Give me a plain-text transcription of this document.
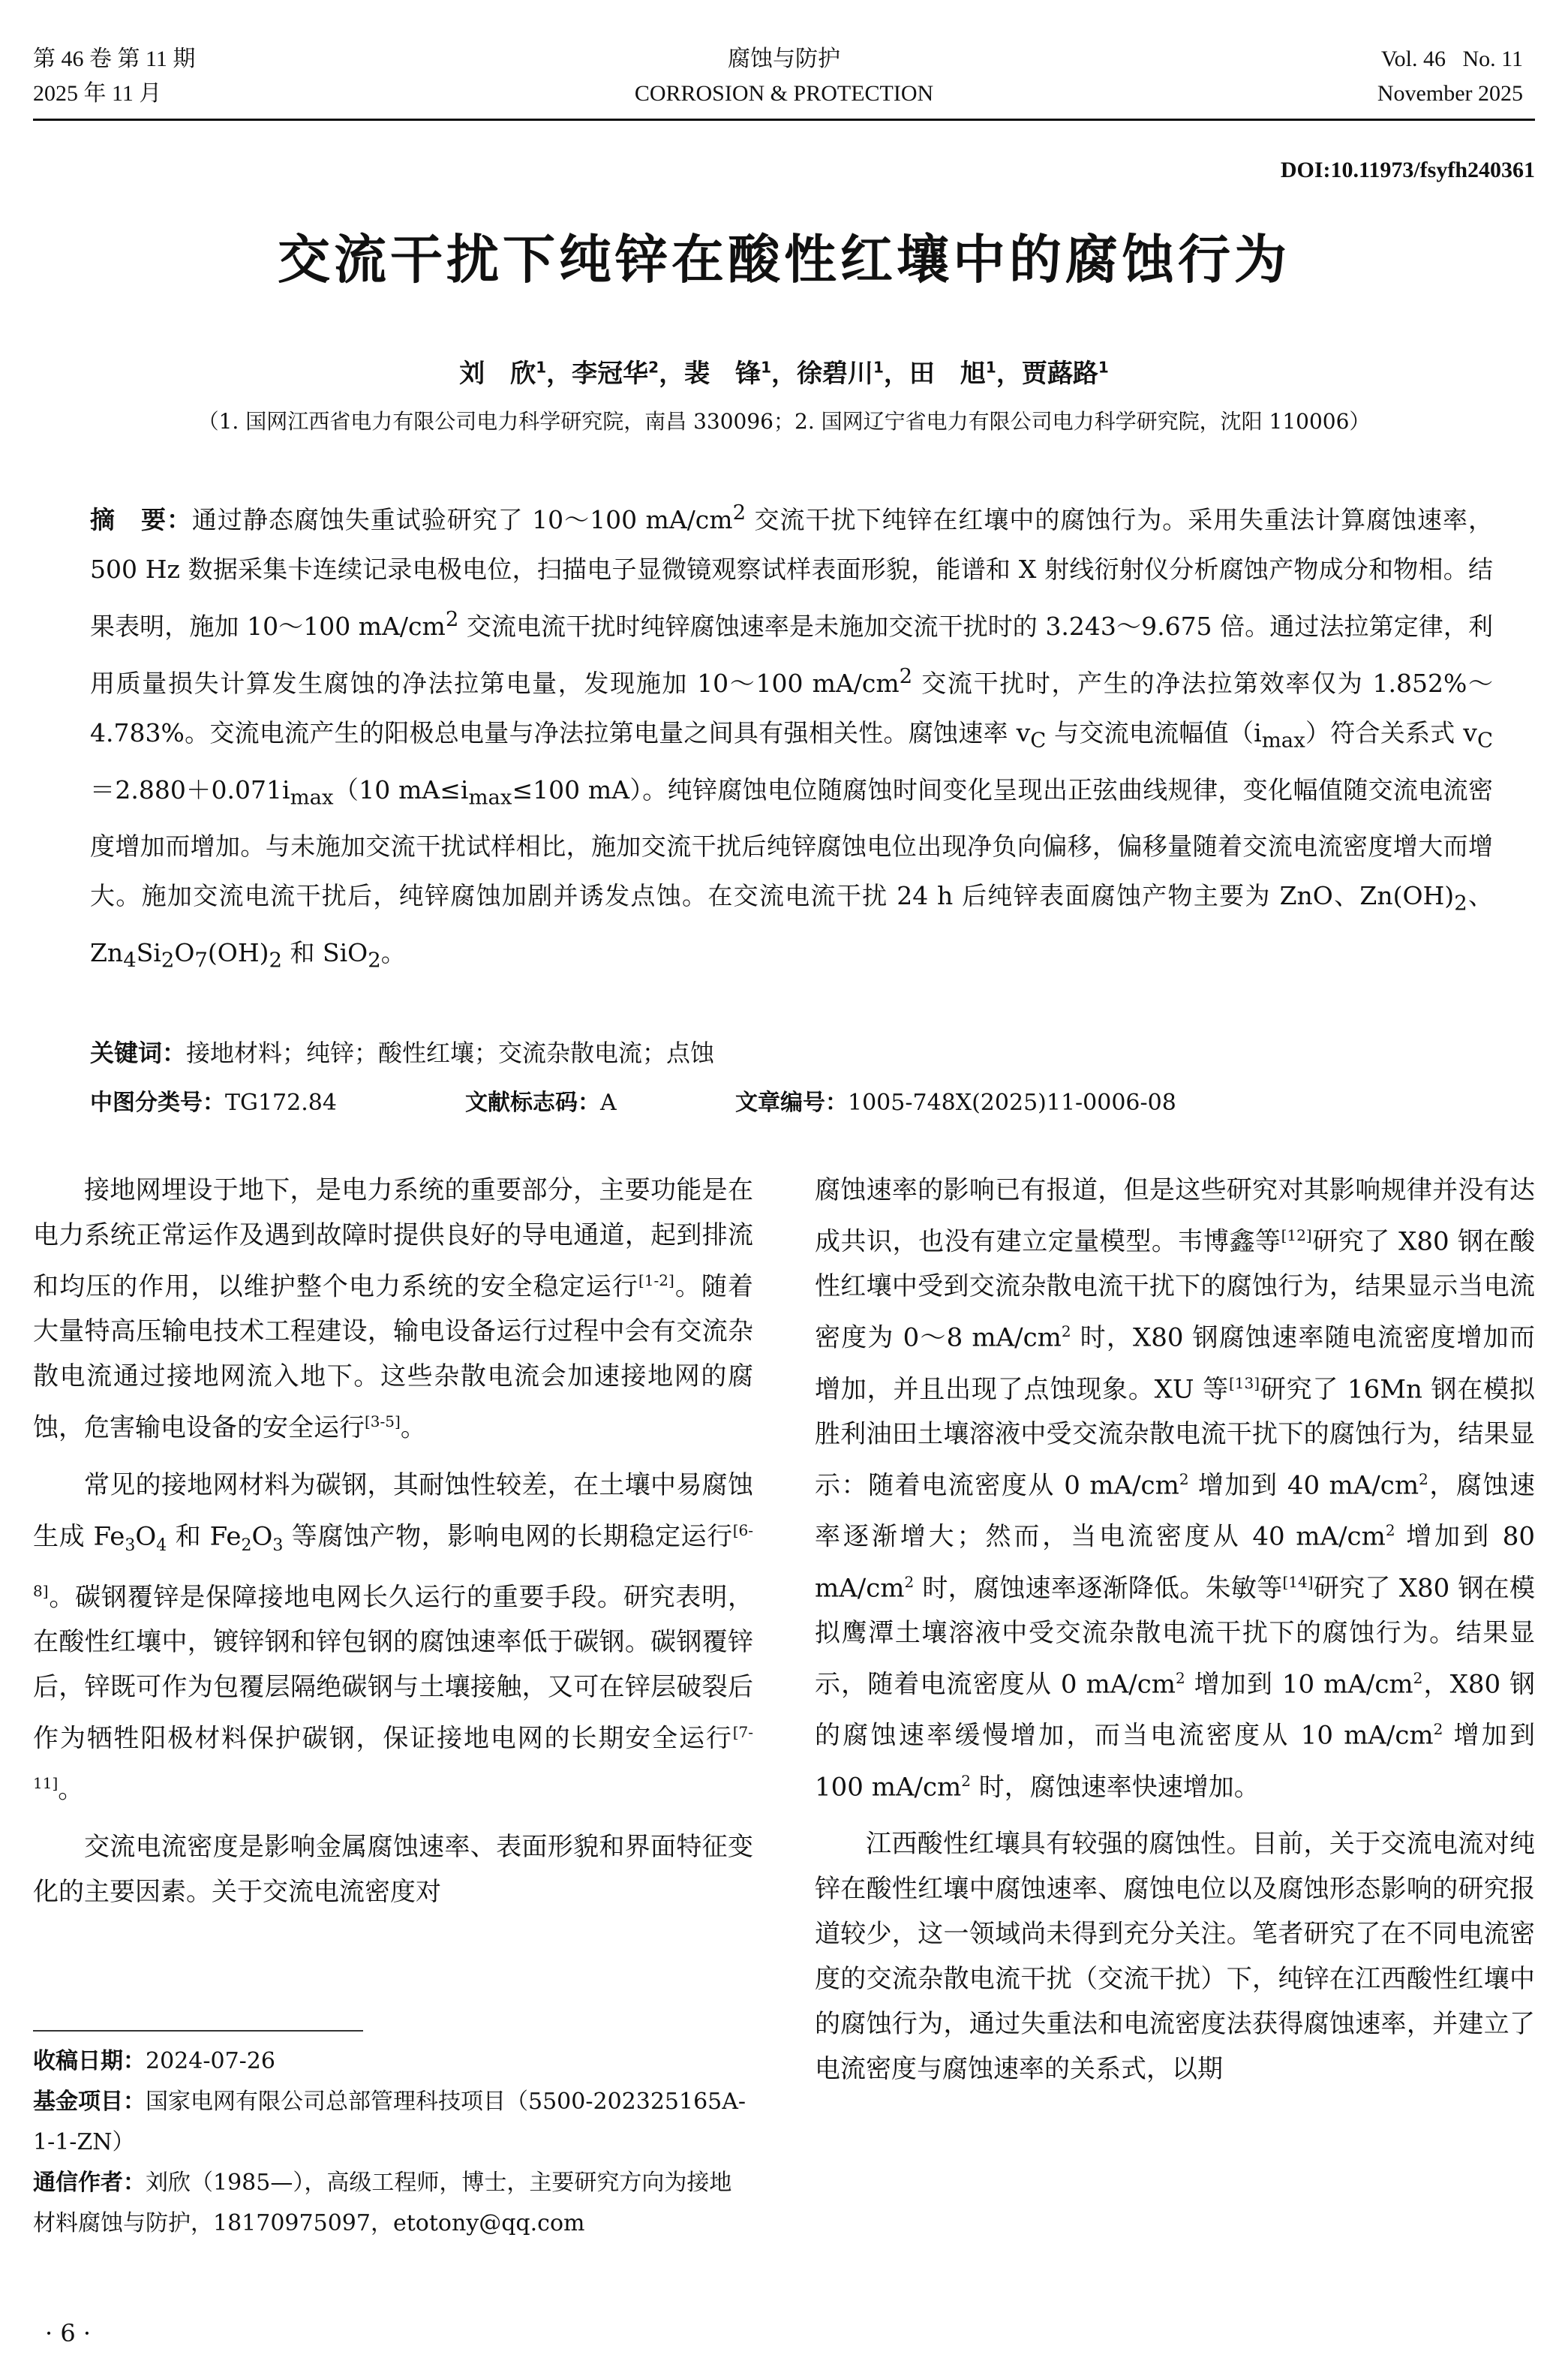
第 46 卷 第 11 期
2025 年 11 月
腐蚀与防护
CORROSION & PROTECTION
Vol. 46   No. 11
November 2025
DOI:10.11973/fsyfh240361
交流干扰下纯锌在酸性红壤中的腐蚀行为
刘　欣$^1$，李冠华$^2$，裴　锋$^1$，徐碧川$^1$，田　旭$^1$，贾蕗路$^1$
（1. 国网江西省电力有限公司电力科学研究院，南昌 330096；2. 国网辽宁省电力有限公司电力科学研究院，沈阳 110006）
摘　要：通过静态腐蚀失重试验研究了 10～100 $mA/cm^2$ 交流干扰下纯锌在红壤中的腐蚀行为。采用失重法计算腐蚀速率，500 Hz 数据采集卡连续记录电极电位，扫描电子显微镜观察试样表面形貌，能谱和 X 射线衍射仪分析腐蚀产物成分和物相。结果表明，施加 10～100 $mA/cm^2$ 交流电流干扰时纯锌腐蚀速率是未施加交流干扰时的 3.243～9.675 倍。通过法拉第定律，利用质量损失计算发生腐蚀的净法拉第电量，发现施加 10～100 $mA/cm^2$ 交流干扰时，产生的净法拉第效率仅为 1.852%～4.783%。交流电流产生的阳极总电量与净法拉第电量之间具有强相关性。腐蚀速率 $v_C$ 与交流电流幅值$(i_{max})$符合关系式 $v_C=2.880+0.071i_{max}(10$ $mA\le i_{max}\le 100$ mA）。纯锌腐蚀电位随腐蚀时间变化呈现出正弦曲线规律，变化幅值随交流电流密度增加而增加。与未施加交流干扰试样相比，施加交流干扰后纯锌腐蚀电位出现净负向偏移，偏移量随着交流电流密度增大而增大。施加交流电流干扰后，纯锌腐蚀加剧并诱发点蚀。在交流电流干扰 24 h 后纯锌表面腐蚀产物主要为 ZnO、$Zn(OH)_2$、$Zn_4Si_2O_7(OH)_2$ 和 SiO$_2$。
关键词：接地材料；纯锌；酸性红壤；交流杂散电流；点蚀
中图分类号：TG172.84	文献标志码：A	文章编号：1005-748X(2025)11-0006-08

接地网埋设于地下，是电力系统的重要部分，主要功能是在电力系统正常运作及遇到故障时提供良好的导电通道，起到排流和均压的作用，以维护整个电力系统的安全稳定运行[1-2]。随着大量特高压输电技术工程建设，输电设备运行过程中会有交流杂散电流通过接地网流入地下。这些杂散电流会加速接地网的腐蚀，危害输电设备的安全运行[3-5]。

常见的接地网材料为碳钢，其耐蚀性较差，在土壤中易腐蚀生成 $Fe_3O_4$ 和 $Fe_2O_3$ 等腐蚀产物，影响电网的长期稳定运行[6-8]。碳钢覆锌是保障接地电网长久运行的重要手段。研究表明，在酸性红壤中，镀锌钢和锌包钢的腐蚀速率低于碳钢。碳钢覆锌后，锌既可作为包覆层隔绝碳钢与土壤接触，又可在锌层破裂后作为牺牲阳极材料保护碳钢，保证接地电网的长期安全运行[7-11]。

交流电流密度是影响金属腐蚀速率、表面形貌和界面特征变化的主要因素。关于交流电流密度对

腐蚀速率的影响已有报道，但是这些研究对其影响规律并没有达成共识，也没有建立定量模型。韦博鑫等[12]研究了 X80 钢在酸性红壤中受到交流杂散电流干扰下的腐蚀行为，结果显示当电流密度为 0～8 $mA/cm^2$ 时，X80 钢腐蚀速率随电流密度增加而增加，并且出现了点蚀现象。XU 等[13]研究了 16Mn 钢在模拟胜利油田土壤溶液中受交流杂散电流干扰下的腐蚀行为，结果显示：随着电流密度从 0 $mA/cm^2$ 增加到 40 $mA/cm^2$，腐蚀速率逐渐增大；然而，当电流密度从 40 $mA/cm^2$ 增加到 80 $mA/cm^2$ 时，腐蚀速率逐渐降低。朱敏等[14]研究了 X80 钢在模拟鹰潭土壤溶液中受交流杂散电流干扰下的腐蚀行为。结果显示，随着电流密度从 0 $mA/cm^2$ 增加到 10 $mA/cm^2$，X80 钢的腐蚀速率缓慢增加，而当电流密度从 10 $mA/cm^2$ 增加到 100 $mA/cm^2$ 时，腐蚀速率快速增加。

江西酸性红壤具有较强的腐蚀性。目前，关于交流电流对纯锌在酸性红壤中腐蚀速率、腐蚀电位以及腐蚀形态影响的研究报道较少，这一领域尚未得到充分关注。笔者研究了在不同电流密度的交流杂散电流干扰（交流干扰）下，纯锌在江西酸性红壤中的腐蚀行为，通过失重法和电流密度法获得腐蚀速率，并建立了电流密度与腐蚀速率的关系式，以期

收稿日期：2024-07-26
基金项目：国家电网有限公司总部管理科技项目（5500-202325165A-1-1-ZN）
通信作者：刘欣（1985—），高级工程师，博士，主要研究方向为接地材料腐蚀与防护，18170975097，etotony@qq.com
· 6 ·
